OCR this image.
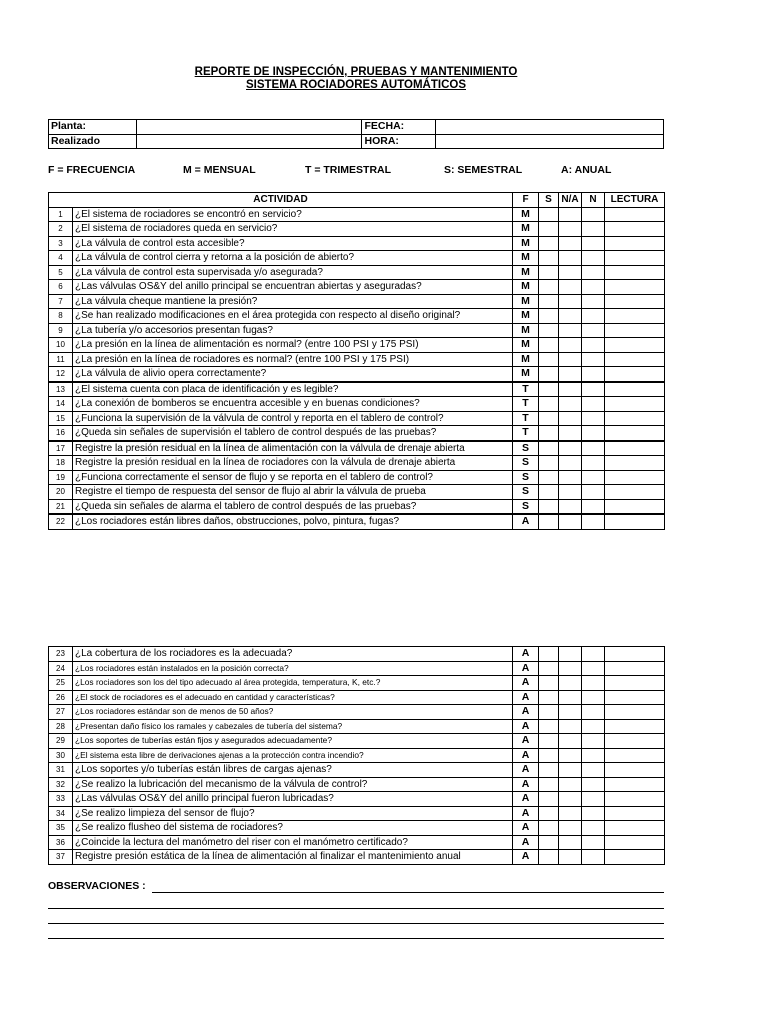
REPORTE DE INSPECCIÓN, PRUEBAS Y MANTENIMIENTO
SISTEMA ROCIADORES AUTOMÁTICOS
Planta:		FECHA:	
Realizado		HORA:	
F = FRECUENCIA	M = MENSUAL	T = TRIMESTRAL	S: SEMESTRAL	A: ANUAL
ACTIVIDAD		F	S	N/A	N	LECTURA
1	¿El sistema de rociadores se encontró en servicio?	M				
2	¿El sistema de rociadores queda en servicio?	M				
3	¿La válvula de control esta accesible?	M				
4	¿La válvula de control cierra y retorna a la posición de abierto?	M				
5	¿La válvula de control esta supervisada y/o asegurada?	M				
6	¿Las válvulas OS&Y del anillo principal se encuentran abiertas y aseguradas?	M				
7	¿La válvula cheque mantiene la presión?	M				
8	¿Se han realizado modificaciones en el área protegida con respecto al diseño original?	M				
9	¿La tubería y/o accesorios presentan fugas?	M				
10	¿La presión en la línea de alimentación es normal? (entre 100 PSI y 175 PSI)	M				
11	¿La presión en la línea de rociadores es normal? (entre 100 PSI y 175 PSI)	M				
12	¿La válvula de alivio opera correctamente?	M				
13	¿El sistema cuenta con placa de identificación y es legible?	T				
14	¿La conexión de bomberos se encuentra accesible y en buenas condiciones?	T				
15	¿Funciona la supervisión de la válvula de control y reporta en el tablero de control?	T				
16	¿Queda sin señales de supervisión el tablero de control después de las pruebas?	T				
17	Registre la presión residual en la línea de alimentación con la válvula de drenaje abierta	S				
18	Registre la presión residual en la línea de rociadores con la válvula de drenaje abierta	S				
19	¿Funciona correctamente el sensor de flujo y se reporta en el tablero de control?	S				
20	Registre el tiempo de respuesta del sensor de flujo al abrir la válvula de prueba	S				
21	¿Queda sin señales de alarma el tablero de control después de las pruebas?	S				
22	¿Los rociadores están libres daños, obstrucciones, polvo, pintura, fugas?	A				
23	¿La cobertura de los rociadores es la adecuada?	A				
24	¿Los rociadores están instalados en la posición correcta?	A				
25	¿Los rociadores son los del tipo adecuado al área protegida, temperatura, K, etc.?	A				
26	¿El stock de rociadores es el adecuado en cantidad y características?	A				
27	¿Los rociadores estándar son de menos de 50 años?	A				
28	¿Presentan daño físico los ramales y cabezales de tubería del sistema?	A				
29	¿Los soportes de tuberías están fijos y asegurados adecuadamente?	A				
30	¿El sistema esta libre de derivaciones ajenas a la protección contra incendio?	A				
31	¿Los soportes y/o tuberías están libres de cargas ajenas?	A				
32	¿Se realizo la lubricación del mecanismo de la válvula de control?	A				
33	¿Las válvulas OS&Y del anillo principal fueron lubricadas?	A				
34	¿Se realizo limpieza del sensor de flujo?	A				
35	¿Se realizo flusheo del sistema de rociadores?	A				
36	¿Coincide la lectura del manómetro del riser con el manómetro certificado?	A				
37	Registre presión estática de la línea de alimentación al finalizar el mantenimiento anual	A				
OBSERVACIONES :
